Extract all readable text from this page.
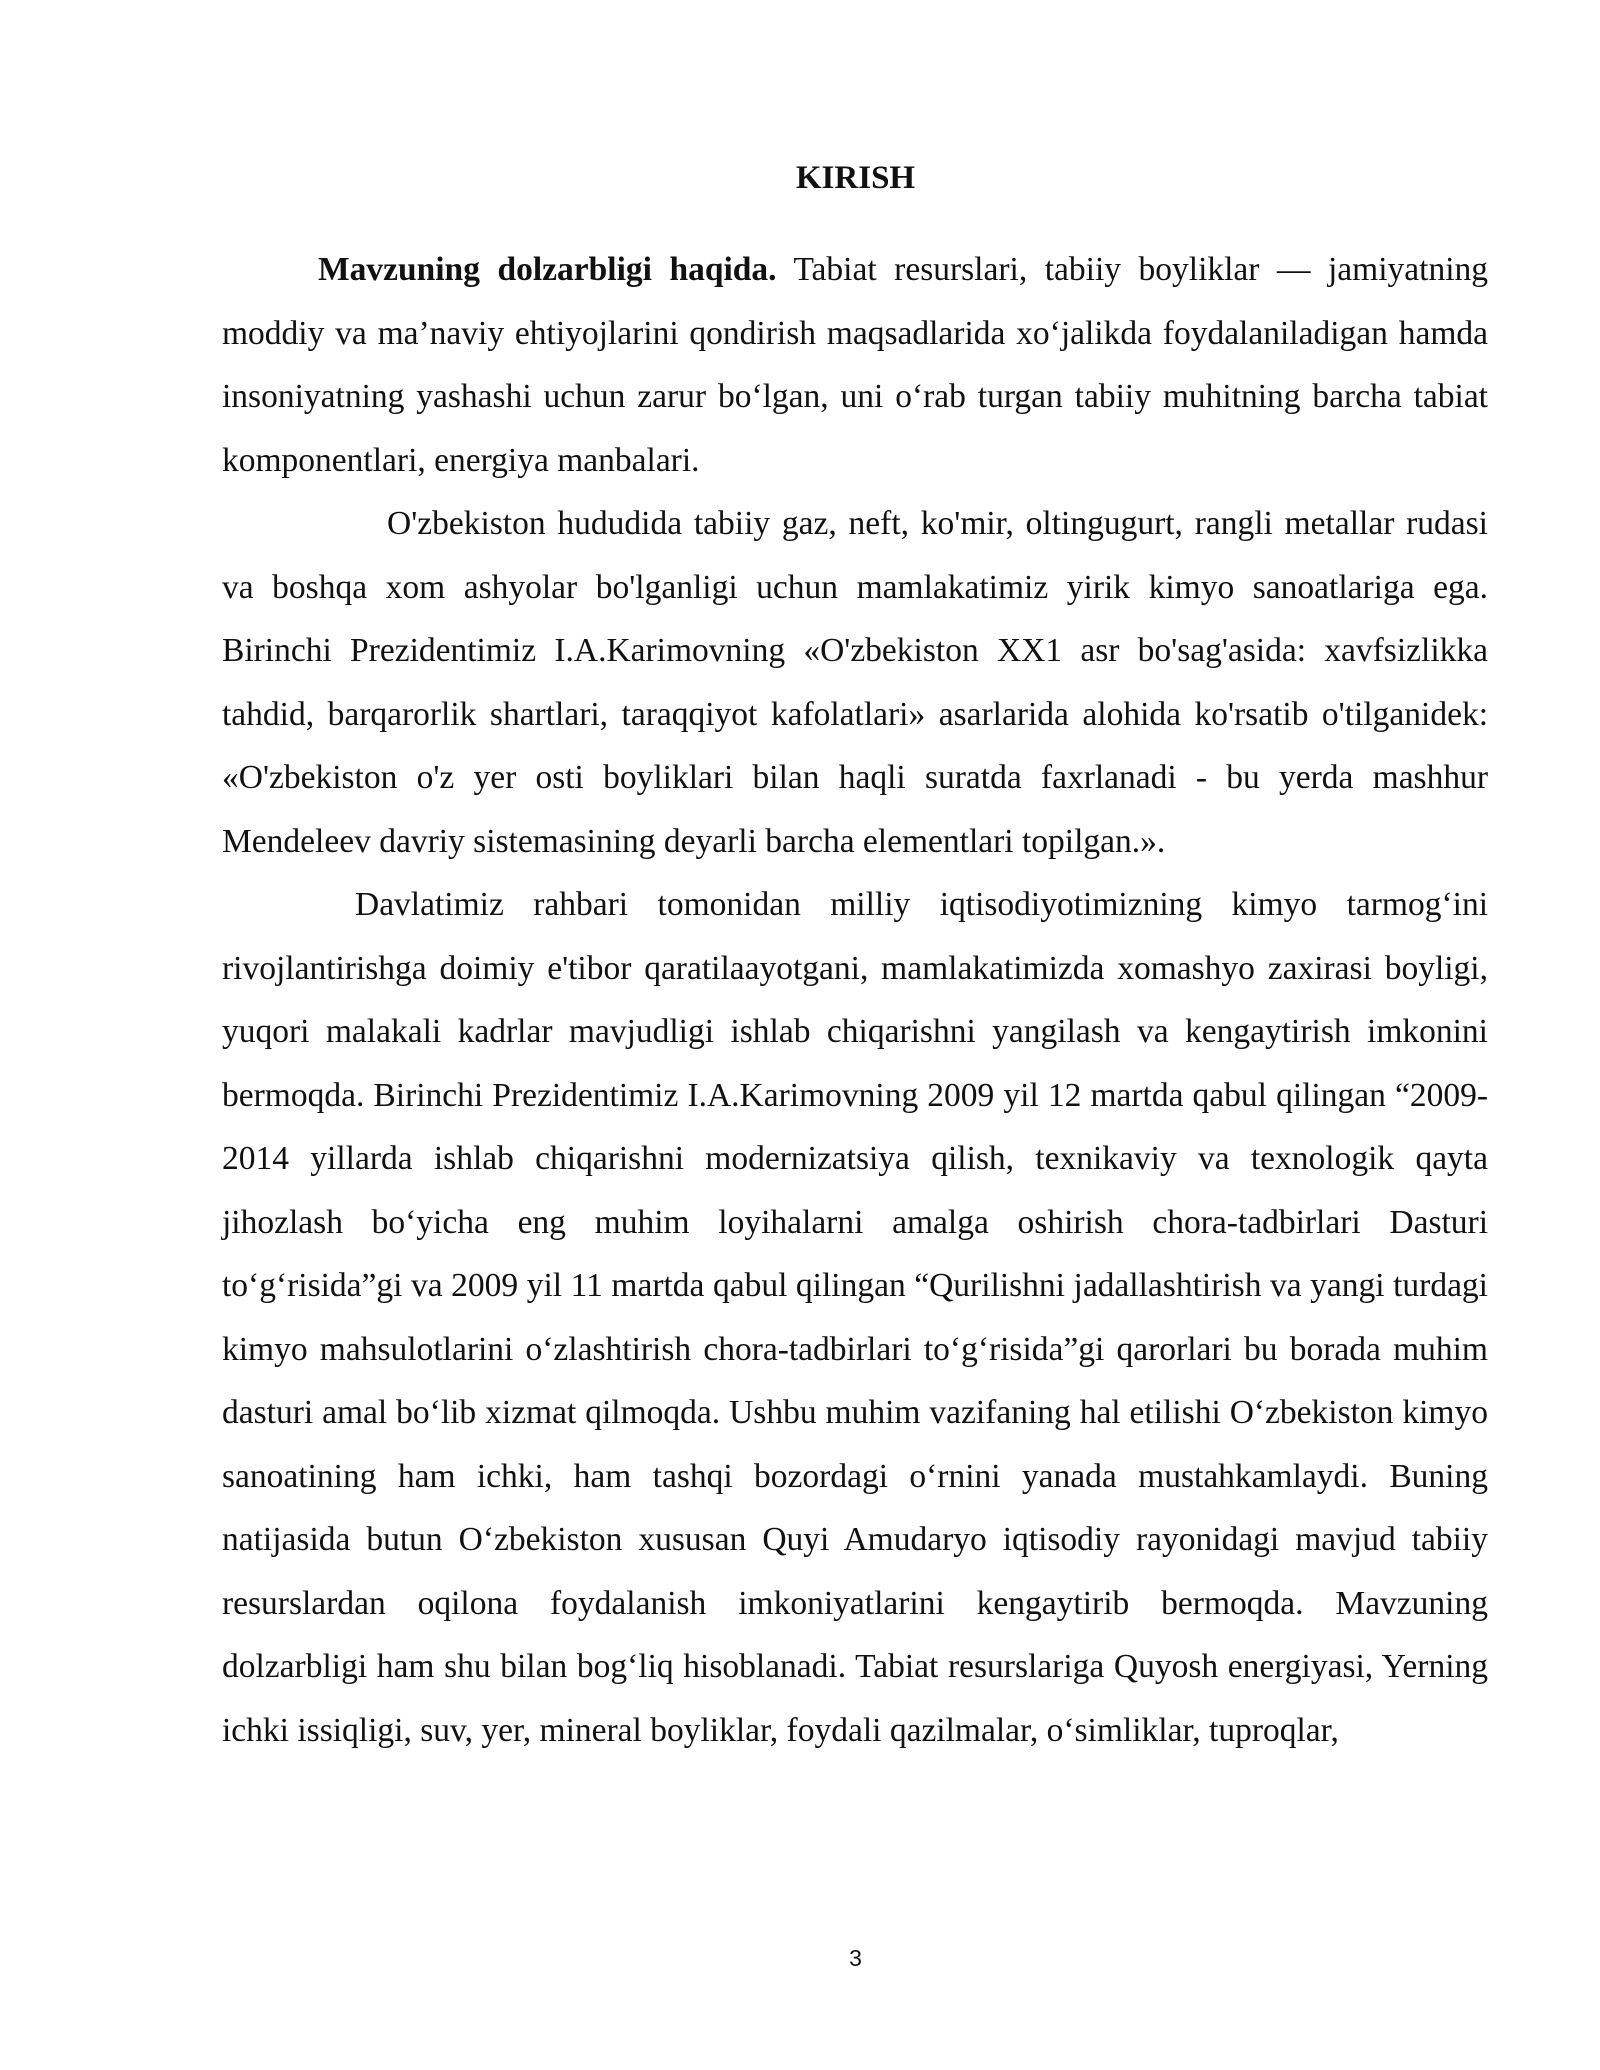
KIRISH

Mavzuning dolzarbligi haqida. Tabiat resurslari, tabiiy boyliklar — jamiyatning moddiy va ma’naviy ehtiyojlarini qondirish maqsadlarida xo‘jalikda foydalaniladigan hamda insoniyatning yashashi uchun zarur bo‘lgan, uni o‘rab turgan tabiiy muhitning barcha tabiat komponentlari, energiya manbalari.

O'zbekiston hududida tabiiy gaz, neft, ko'mir, oltingugurt, rangli metallar rudasi va boshqa xom ashyolar bo'lganligi uchun mamlakatimiz yirik kimyo sanoatlariga ega. Birinchi Prezidentimiz I.A.Karimovning «O'zbekiston XX1 asr bo'sag'asida: xavfsizlikka tahdid, barqarorlik shartlari, taraqqiyot kafolatlari» asarlarida alohida ko'rsatib o'tilganidek: «O'zbekiston o'z yer osti boyliklari bilan haqli suratda faxrlanadi - bu yerda mashhur Mendeleev davriy sistemasining deyarli barcha elementlari topilgan.».

Davlatimiz rahbari tomonidan milliy iqtisodiyotimizning kimyo tarmog‘ini rivojlantirishga doimiy e'tibor qaratilaayotgani, mamlakatimizda xomashyo zaxirasi boyligi, yuqori malakali kadrlar mavjudligi ishlab chiqarishni yangilash va kengaytirish imkonini bermoqda. Birinchi Prezidentimiz I.A.Karimovning 2009 yil 12 martda qabul qilingan “2009-2014 yillarda ishlab chiqarishni modernizatsiya qilish, texnikaviy va texnologik qayta jihozlash bo‘yicha eng muhim loyihalarni amalga oshirish chora-tadbirlari Dasturi to‘g‘risida”gi va 2009 yil 11 martda qabul qilingan “Qurilishni jadallashtirish va yangi turdagi kimyo mahsulotlarini o‘zlashtirish chora-tadbirlari to‘g‘risida”gi qarorlari bu borada muhim dasturi amal bo‘lib xizmat qilmoqda. Ushbu muhim vazifaning hal etilishi O‘zbekiston kimyo sanoatining ham ichki, ham tashqi bozordagi o‘rnini yanada mustahkamlaydi. Buning natijasida butun O‘zbekiston xususan Quyi Amudaryo iqtisodiy rayonidagi mavjud tabiiy resurslardan oqilona foydalanish imkoniyatlarini kengaytirib bermoqda. Mavzuning dolzarbligi ham shu bilan bog‘liq hisoblanadi. Tabiat resurslariga Quyosh energiyasi, Yerning ichki issiqligi, suv, yer, mineral boyliklar, foydali qazilmalar, o‘simliklar, tuproqlar,

3
